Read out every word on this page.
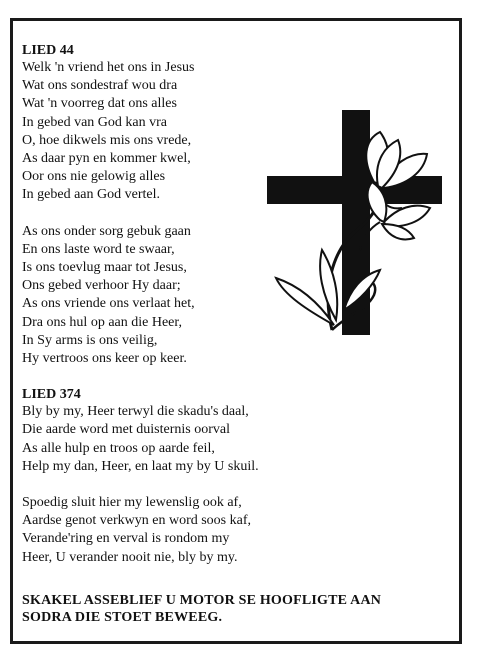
LIED 44
Welk 'n vriend het ons in Jesus
Wat ons sondestraf wou dra
Wat 'n voorreg dat ons alles
In gebed van God kan vra
O, hoe dikwels mis ons vrede,
As daar pyn en kommer kwel,
Oor ons nie gelowig alles
In gebed aan God vertel.
As ons onder sorg gebuk gaan
En ons laste word te swaar,
Is ons toevlug maar tot Jesus,
Ons gebed verhoor Hy daar;
As ons vriende ons verlaat het,
Dra ons hul op aan die Heer,
In Sy arms is ons veilig,
Hy vertroos ons keer op keer.
LIED 374
Bly by my, Heer terwyl die skadu's daal,
Die aarde word met duisternis oorval
As alle hulp en troos op aarde feil,
Help my dan, Heer, en laat my by U skuil.
Spoedig sluit hier my lewenslig ook af,
Aardse genot verkwyn en word soos kaf,
Verande'ring en verval is rondom my
Heer, U verander nooit nie, bly by my.
SKAKEL ASSEBLIEF U MOTOR SE HOOFLIGTE AAN
SODRA DIE STOET BEWEEG.
